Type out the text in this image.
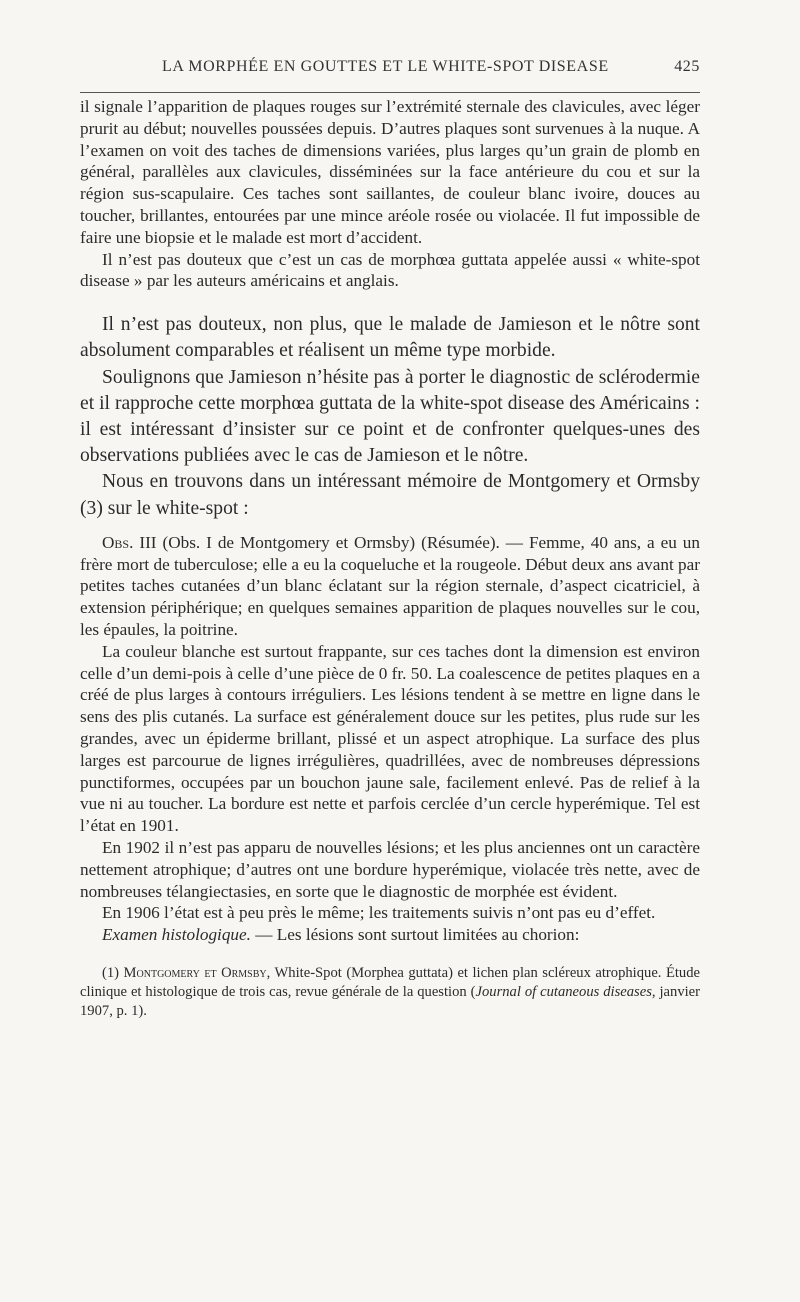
LA MORPHÉE EN GOUTTES ET LE WHITE-SPOT DISEASE	425

il signale l’apparition de plaques rouges sur l’extrémité sternale des clavicules, avec léger prurit au début; nouvelles poussées depuis. D’autres plaques sont survenues à la nuque. A l’examen on voit des taches de dimensions variées, plus larges qu’un grain de plomb en général, parallèles aux clavicules, disséminées sur la face antérieure du cou et sur la région sus-scapulaire. Ces taches sont saillantes, de couleur blanc ivoire, douces au toucher, brillantes, entourées par une mince aréole rosée ou violacée. Il fut impossible de faire une biopsie et le malade est mort d’accident.

Il n’est pas douteux que c’est un cas de morphœa guttata appelée aussi « white-spot disease » par les auteurs américains et anglais.

Il n’est pas douteux, non plus, que le malade de Jamieson et le nôtre sont absolument comparables et réalisent un même type morbide.

Soulignons que Jamieson n’hésite pas à porter le diagnostic de sclérodermie et il rapproche cette morphœa guttata de la white-spot disease des Américains : il est intéressant d’insister sur ce point et de confronter quelques-unes des observations publiées avec le cas de Jamieson et le nôtre.

Nous en trouvons dans un intéressant mémoire de Montgomery et Ormsby (3) sur le white-spot :

Obs. III (Obs. I de Montgomery et Ormsby) (Résumée). — Femme, 40 ans, a eu un frère mort de tuberculose; elle a eu la coqueluche et la rougeole. Début deux ans avant par petites taches cutanées d’un blanc éclatant sur la région sternale, d’aspect cicatriciel, à extension périphérique; en quelques semaines apparition de plaques nouvelles sur le cou, les épaules, la poitrine.

La couleur blanche est surtout frappante, sur ces taches dont la dimension est environ celle d’un demi-pois à celle d’une pièce de 0 fr. 50. La coalescence de petites plaques en a créé de plus larges à contours irréguliers. Les lésions tendent à se mettre en ligne dans le sens des plis cutanés. La surface est généralement douce sur les petites, plus rude sur les grandes, avec un épiderme brillant, plissé et un aspect atrophique. La surface des plus larges est parcourue de lignes irrégulières, quadrillées, avec de nombreuses dépressions punctiformes, occupées par un bouchon jaune sale, facilement enlevé. Pas de relief à la vue ni au toucher. La bordure est nette et parfois cerclée d’un cercle hyperémique. Tel est l’état en 1901.

En 1902 il n’est pas apparu de nouvelles lésions; et les plus anciennes ont un caractère nettement atrophique; d’autres ont une bordure hyperémique, violacée très nette, avec de nombreuses télangiectasies, en sorte que le diagnostic de morphée est évident.

En 1906 l’état est à peu près le même; les traitements suivis n’ont pas eu d’effet.

Examen histologique. — Les lésions sont surtout limitées au chorion:

(1) Montgomery et Ormsby, White-Spot (Morphea guttata) et lichen plan scléreux atrophique. Étude clinique et histologique de trois cas, revue générale de la question (Journal of cutaneous diseases, janvier 1907, p. 1).
